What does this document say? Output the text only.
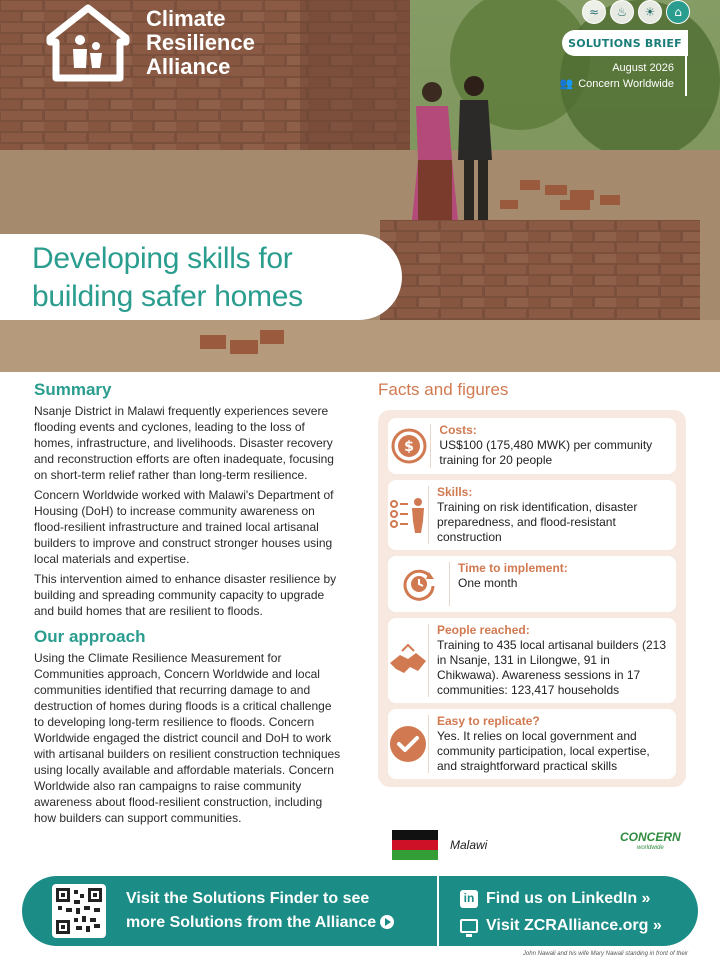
Climate
Resilience
Alliance
≈	♨	☀	⌂
SOLUTIONS BRIEF
August 2026
👥 Concern Worldwide
Developing skills for
building safer homes
Summary

Nsanje District in Malawi frequently experiences severe flooding events and cyclones, leading to the loss of homes, infrastructure, and livelihoods. Disaster recovery and reconstruction efforts are often inadequate, focusing on short-term relief rather than long-term resilience.

Concern Worldwide worked with Malawi's Department of Housing (DoH) to increase community awareness on flood-resilient infrastructure and trained local artisanal builders to improve and construct stronger houses using local materials and expertise.

This intervention aimed to enhance disaster resilience by building and spreading community capacity to upgrade and build homes that are resilient to floods.

Our approach

Using the Climate Resilience Measurement for Communities approach, Concern Worldwide and local communities identified that recurring damage to and destruction of homes during floods is a critical challenge to developing long-term resilience to floods. Concern Worldwide engaged the district council and DoH to work with artisanal builders on resilient construction techniques using locally available and affordable materials. Concern Worldwide also ran campaigns to raise community awareness about flood-resilient construction, including how builders can support communities.

Facts and figures
$
Costs:
US$100 (175,480 MWK) per community training for 20 people
Skills:
Training on risk identification, disaster preparedness, and flood-resistant construction
Time to implement:
One month
People reached:
Training to 435 local artisanal builders (213 in Nsanje, 131 in Lilongwe, 91 in Chikwawa). Awareness sessions in 17 communities: 123,417 households
Easy to replicate?
Yes. It relies on local government and community participation, local expertise, and straightforward practical skills
Malawi
CONCERN
worldwide
Visit the Solutions Finder to see
more Solutions from the Alliance
in Find us on LinkedIn »
Visit ZCRAlliance.org »
John Nawali and his wife Mary Nawali standing in front of their
